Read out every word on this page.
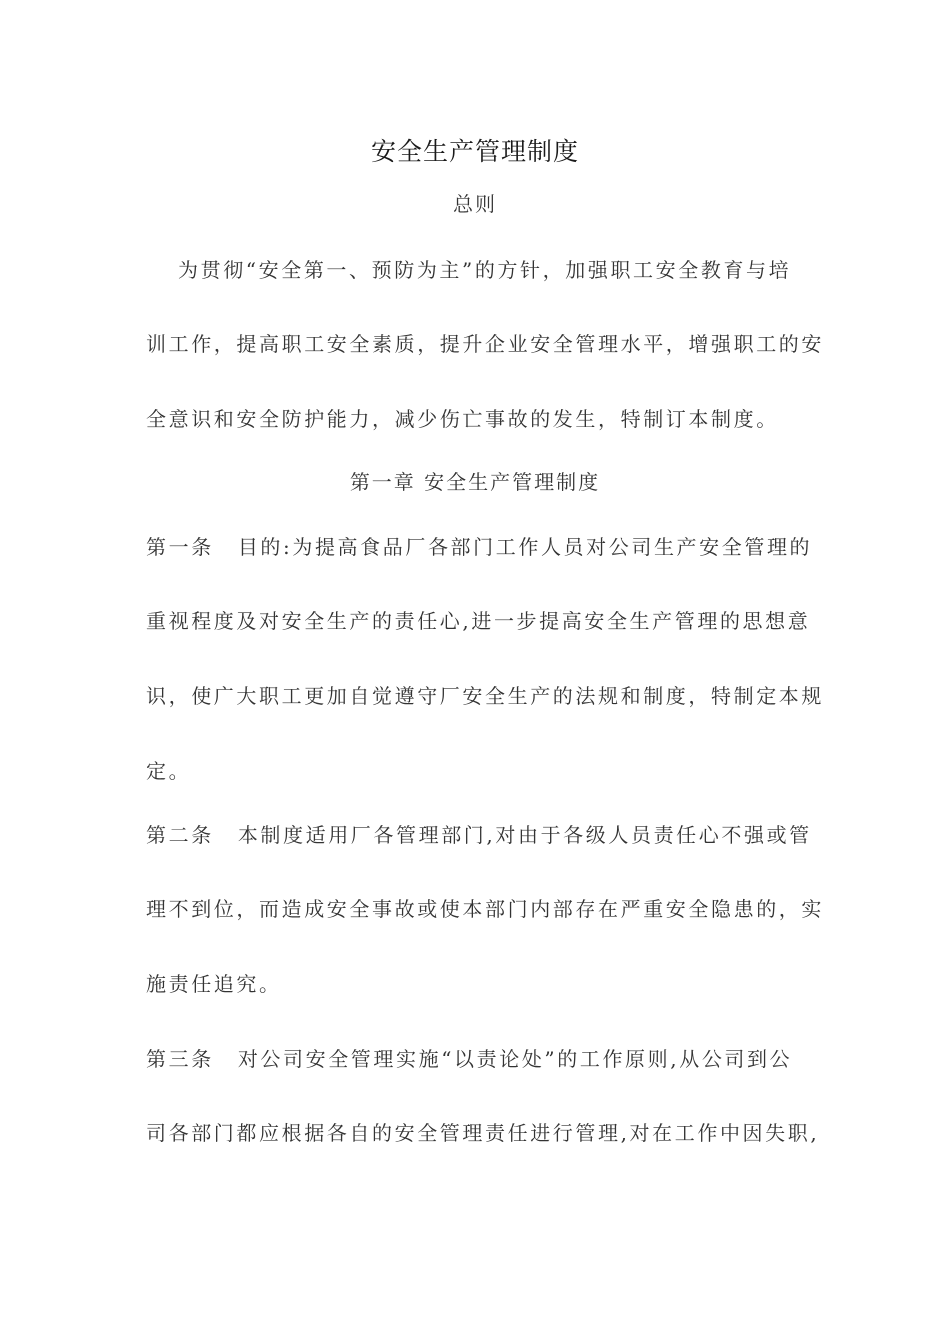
安全生产管理制度
总则
为贯彻“安全第一、预防为主”的方针，加强职工安全教育与培
训工作，提高职工安全素质，提升企业安全管理水平，增强职工的安
全意识和安全防护能力，减少伤亡事故的发生，特制订本制度。
第一章 安全生产管理制度
第一条 目的:为提高食品厂各部门工作人员对公司生产安全管理的
重视程度及对安全生产的责任心,进一步提高安全生产管理的思想意
识，使广大职工更加自觉遵守厂安全生产的法规和制度，特制定本规
定。
第二条 本制度适用厂各管理部门,对由于各级人员责任心不强或管
理不到位，而造成安全事故或使本部门内部存在严重安全隐患的，实
施责任追究。
第三条 对公司安全管理实施“以责论处”的工作原则,从公司到公
司各部门都应根据各自的安全管理责任进行管理,对在工作中因失职,
